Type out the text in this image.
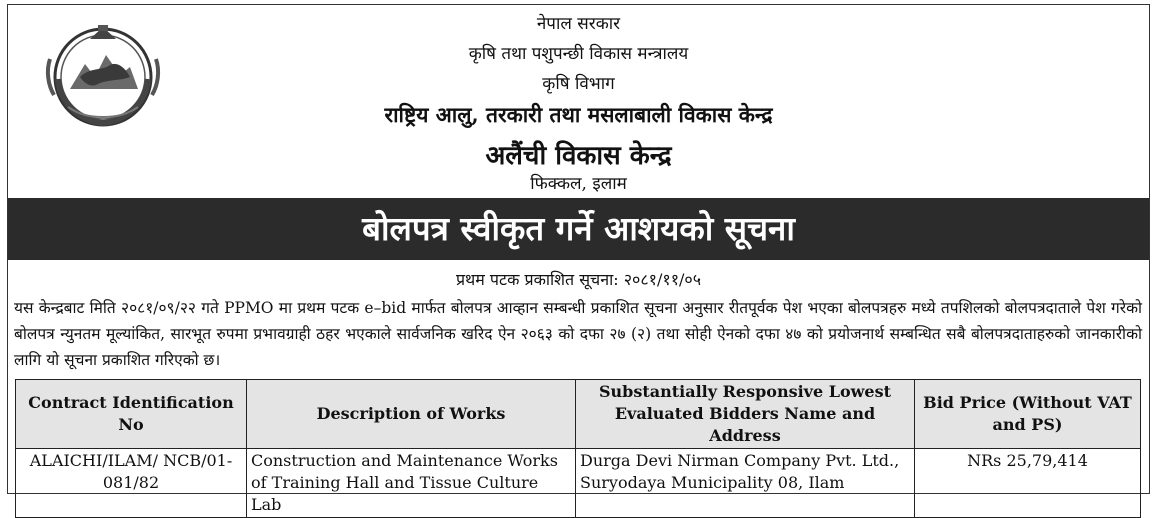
नेपाल सरकार
कृषि तथा पशुपन्छी विकास मन्त्रालय
कृषि विभाग
राष्ट्रिय आलु, तरकारी तथा मसलाबाली विकास केन्द्र
अलैंची विकास केन्द्र
फिक्कल, इलाम
बोलपत्र स्वीकृत गर्ने आशयको सूचना
प्रथम पटक प्रकाशित सूचना: २०८१/११/०५
यस केन्द्रबाट मिति २०८१/०९/२२ गते PPMO मा प्रथम पटक e–bid मार्फत बोलपत्र आव्हान सम्बन्धी प्रकाशित सूचना अनुसार रीतपूर्वक पेश भएका बोलपत्रहरु मध्ये तपशिलको बोलपत्रदाताले पेश गरेको बोलपत्र न्युनतम मूल्यांकित, सारभूत रुपमा प्रभावग्राही ठहर भएकाले सार्वजनिक खरिद ऐन २०६३ को दफा २७ (२) तथा सोही ऐनको दफा ४७ को प्रयोजनार्थ सम्बन्धित सबै बोलपत्रदाताहरुको जानकारीको लागि यो सूचना प्रकाशित गरिएको छ।
Contract Identification No	Description of Works	Substantially Responsive Lowest Evaluated Bidders Name and Address	Bid Price (Without VAT and PS)
ALAICHI/ILAM/ NCB/01-081/82	Construction and Maintenance Works of Training Hall and Tissue Culture Lab	Durga Devi Nirman Company Pvt. Ltd., Suryodaya Municipality 08, Ilam	NRs 25,79,414
